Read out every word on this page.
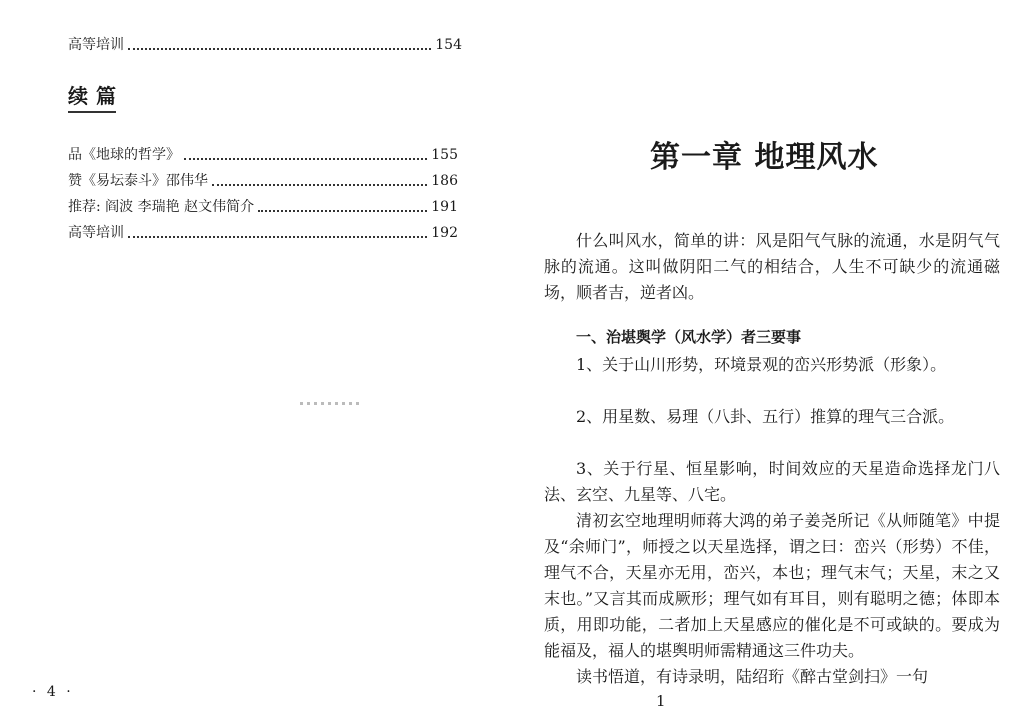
高等培训	154
续篇
品《地球的哲学》	155
赞《易坛泰斗》邵伟华	186
推荐: 阎波 李瑞艳 赵文伟简介	191
高等培训	192
· 4 ·
第一章 地理风水

什么叫风水，简单的讲：风是阳气气脉的流通，水是阴气气脉的流通。这叫做阴阳二气的相结合，人生不可缺少的流通磁场，顺者吉，逆者凶。

一、治堪舆学（风水学）者三要事

1、关于山川形势，环境景观的峦兴形势派（形象）。

2、用星数、易理（八卦、五行）推算的理气三合派。

3、关于行星、恒星影响，时间效应的天星造命选择龙门八法、玄空、九星等、八宅。

清初玄空地理明师蒋大鸿的弟子姜尧所记《从师随笔》中提及“余师门”，师授之以天星选择，谓之曰：峦兴（形势）不佳，理气不合，天星亦无用，峦兴，本也；理气末气；天星，末之又末也。”又言其而成厥形；理气如有耳目，则有聪明之德；体即本质，用即功能，二者加上天星感应的催化是不可或缺的。要成为能福及，福人的堪舆明师需精通这三件功夫。

读书悟道，有诗录明，陆绍珩《醉古堂剑扫》一句

1
